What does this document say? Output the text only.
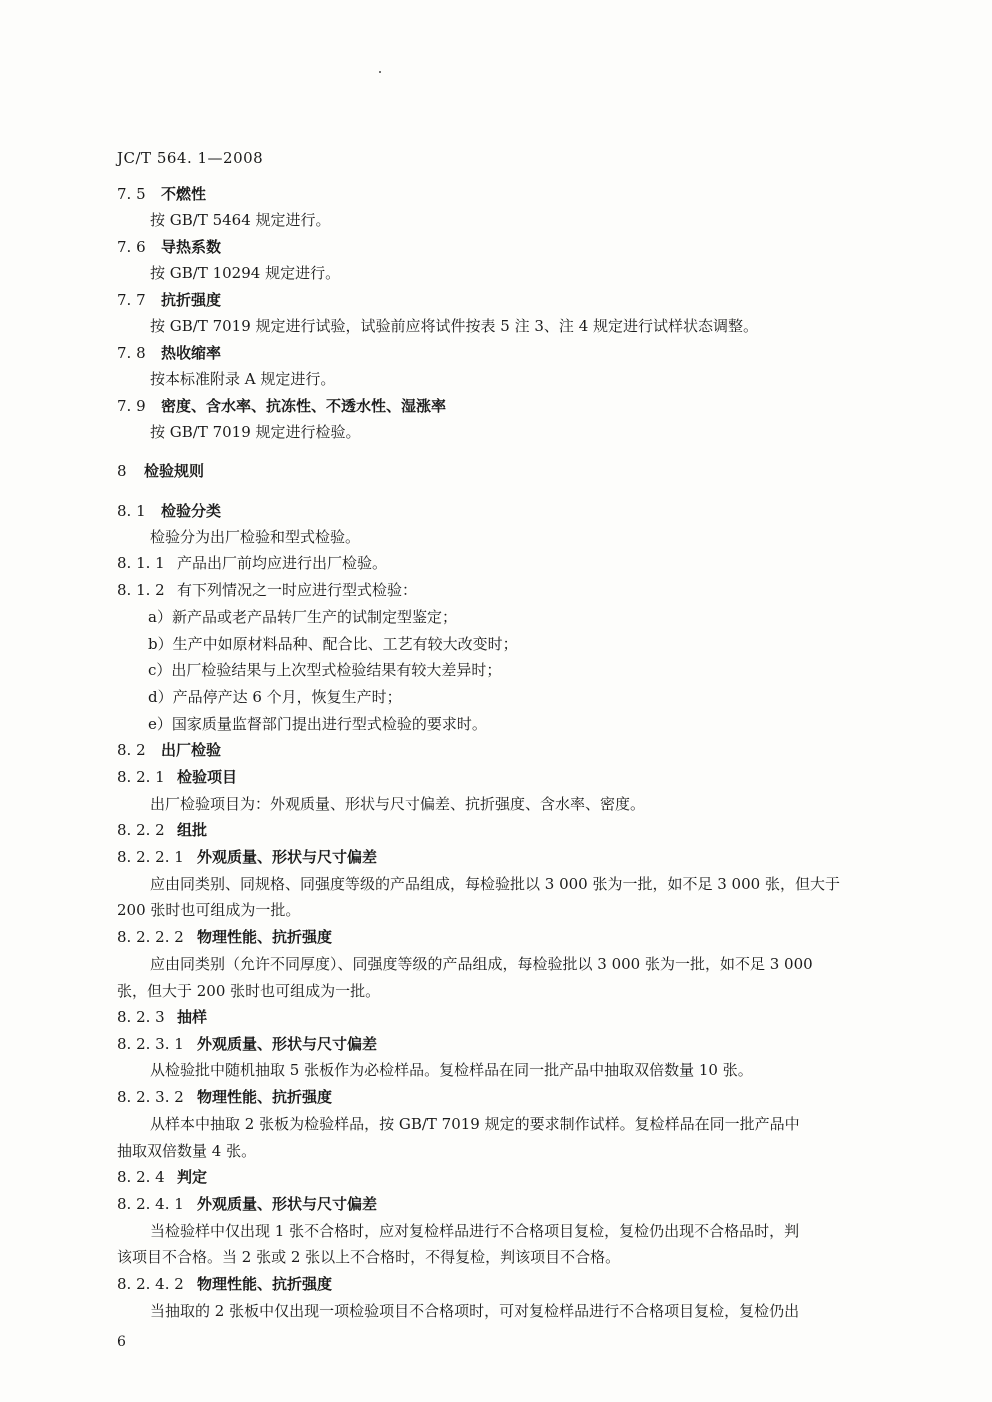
JC/T 564. 1—2008
7. 5 不燃性
按 GB/T 5464 规定进行。
7. 6 导热系数
按 GB/T 10294 规定进行。
7. 7 抗折强度
按 GB/T 7019 规定进行试验，试验前应将试件按表 5 注 3、注 4 规定进行试样状态调整。
7. 8 热收缩率
按本标准附录 A 规定进行。
7. 9 密度、含水率、抗冻性、不透水性、湿涨率
按 GB/T 7019 规定进行检验。
8 检验规则
8. 1 检验分类
检验分为出厂检验和型式检验。
8. 1. 1 产品出厂前均应进行出厂检验。
8. 1. 2 有下列情况之一时应进行型式检验：
a）新产品或老产品转厂生产的试制定型鉴定；
b）生产中如原材料品种、配合比、工艺有较大改变时；
c）出厂检验结果与上次型式检验结果有较大差异时；
d）产品停产达 6 个月，恢复生产时；
e）国家质量监督部门提出进行型式检验的要求时。
8. 2 出厂检验
8. 2. 1 检验项目
出厂检验项目为：外观质量、形状与尺寸偏差、抗折强度、含水率、密度。
8. 2. 2 组批
8. 2. 2. 1 外观质量、形状与尺寸偏差
应由同类别、同规格、同强度等级的产品组成，每检验批以 3 000 张为一批，如不足 3 000 张，但大于
200 张时也可组成为一批。
8. 2. 2. 2 物理性能、抗折强度
应由同类别（允许不同厚度）、同强度等级的产品组成，每检验批以 3 000 张为一批，如不足 3 000
张，但大于 200 张时也可组成为一批。
8. 2. 3 抽样
8. 2. 3. 1 外观质量、形状与尺寸偏差
从检验批中随机抽取 5 张板作为必检样品。复检样品在同一批产品中抽取双倍数量 10 张。
8. 2. 3. 2 物理性能、抗折强度
从样本中抽取 2 张板为检验样品，按 GB/T 7019 规定的要求制作试样。复检样品在同一批产品中
抽取双倍数量 4 张。
8. 2. 4 判定
8. 2. 4. 1 外观质量、形状与尺寸偏差
当检验样中仅出现 1 张不合格时，应对复检样品进行不合格项目复检，复检仍出现不合格品时，判
该项目不合格。当 2 张或 2 张以上不合格时，不得复检，判该项目不合格。
8. 2. 4. 2 物理性能、抗折强度
当抽取的 2 张板中仅出现一项检验项目不合格项时，可对复检样品进行不合格项目复检，复检仍出
6
